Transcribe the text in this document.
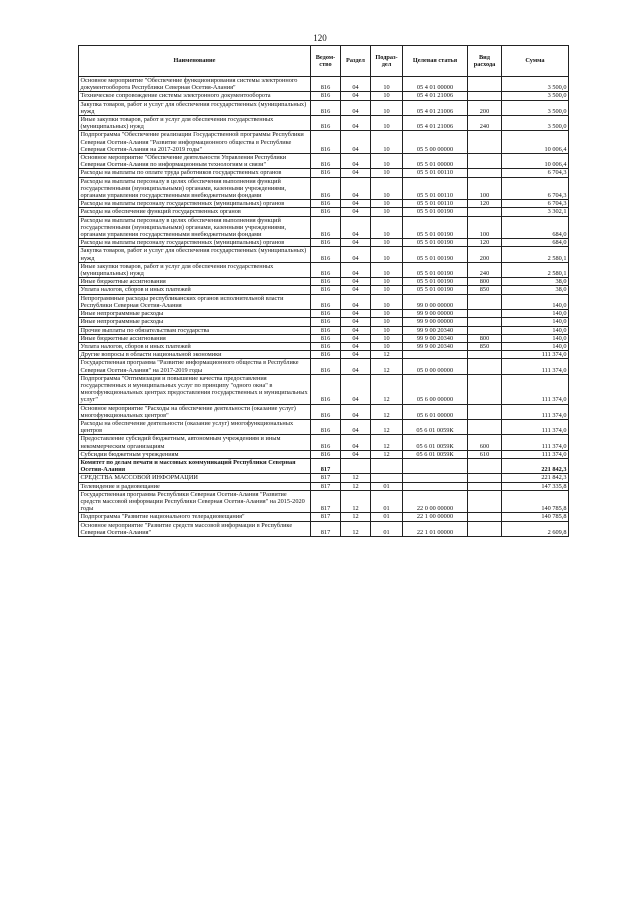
120
Наименование	Ведом-ство	Раздел	Подраз-дел	Целевая статья	Вид расхода	Сумма
Основное мероприятие "Обеспечение функционирования системы электронного документооборота Республики Северная Осетия-Алания"	816	04	10	05 4 01 00000		3 500,0
Техническое сопровождение системы электронного документооборота	816	04	10	05 4 01 21006		3 500,0
Закупка товаров, работ и услуг для обеспечения государственных (муниципальных) нужд	816	04	10	05 4 01 21006	200	3 500,0
Иные закупки товаров, работ и услуг для обеспечения государственных (муниципальных) нужд	816	04	10	05 4 01 21006	240	3 500,0
Подпрограмма "Обеспечение реализации Государственной программы Республики Северная Осетия-Алания "Развитие информационного общества в Республике Северная Осетия-Алания на 2017-2019 годы"	816	04	10	05 5 00 00000		10 006,4
Основное мероприятие "Обеспечение деятельности Управления Республики Северная Осетия-Алания по информационным технологиям и связи"	816	04	10	05 5 01 00000		10 006,4
Расходы на выплаты по оплате труда работников государственных органов	816	04	10	05 5 01 00110		6 704,3
Расходы на выплаты персоналу в целях обеспечения выполнения функций государственными (муниципальными) органами, казенными учреждениями, органами управления государственными внебюджетными фондами	816	04	10	05 5 01 00110	100	6 704,3
Расходы на выплаты персоналу государственных (муниципальных) органов	816	04	10	05 5 01 00110	120	6 704,3
Расходы на обеспечение функций государственных органов	816	04	10	05 5 01 00190		3 302,1
Расходы на выплаты персоналу в целях обеспечения выполнения функций государственными (муниципальными) органами, казенными учреждениями, органами управления государственными внебюджетными фондами	816	04	10	05 5 01 00190	100	684,0
Расходы на выплаты персоналу государственных (муниципальных) органов	816	04	10	05 5 01 00190	120	684,0
Закупка товаров, работ и услуг для обеспечения государственных (муниципальных) нужд	816	04	10	05 5 01 00190	200	2 580,1
Иные закупки товаров, работ и услуг для обеспечения государственных (муниципальных) нужд	816	04	10	05 5 01 00190	240	2 580,1
Иные бюджетные ассигнования	816	04	10	05 5 01 00190	800	38,0
Уплата налогов, сборов и иных платежей	816	04	10	05 5 01 00190	850	38,0
Непрограммные расходы республиканских органов исполнительной власти Республики Северная Осетия-Алания	816	04	10	99 0 00 00000		140,0
Иные непрограммные расходы	816	04	10	99 9 00 00000		140,0
Иные непрограммные расходы	816	04	10	99 9 00 00000		140,0
Прочие выплаты по обязательствам государства	816	04	10	99 9 00 20340		140,0
Иные бюджетные ассигнования	816	04	10	99 9 00 20340	800	140,0
Уплата налогов, сборов и иных платежей	816	04	10	99 9 00 20340	850	140,0
Другие вопросы в области национальной экономики	816	04	12			111 374,0
Государственная программа "Развитие информационного общества в Республике Северная Осетия-Алания" на 2017-2019 годы	816	04	12	05 0 00 00000		111 374,0
Подпрограмма "Оптимизация и повышение качества предоставления государственных и муниципальных услуг по принципу "одного окна" в многофункциональных центрах предоставления государственных и муниципальных услуг"	816	04	12	05 6 00 00000		111 374,0
Основное мероприятие "Расходы на обеспечение деятельности (оказание услуг) многофункциональных центров"	816	04	12	05 6 01 00000		111 374,0
Расходы на обеспечение деятельности (оказание услуг) многофункциональных центров	816	04	12	05 6 01 0059К		111 374,0
Предоставление субсидий бюджетным, автономным учреждениям и иным некоммерческим организациям	816	04	12	05 6 01 0059К	600	111 374,0
Субсидии бюджетным учреждениям	816	04	12	05 6 01 0059К	610	111 374,0
Комитет по делам печати и массовых коммуникаций Республики Северная Осетия-Алания	817					221 842,3
СРЕДСТВА МАССОВОЙ ИНФОРМАЦИИ	817	12				221 842,3
Телевидение и радиовещание	817	12	01			147 335,8
Государственная программа Республики Северная Осетия-Алания "Развитие средств массовой информации Республики Северная Осетия-Алания" на 2015-2020 годы	817	12	01	22 0 00 00000		140 785,8
Подпрограмма "Развитие национального телерадиовещания"	817	12	01	22 1 00 00000		140 785,8
Основное мероприятие "Развитие средств массовой информации в Республике Северная Осетия-Алания"	817	12	01	22 1 01 00000		2 609,8
